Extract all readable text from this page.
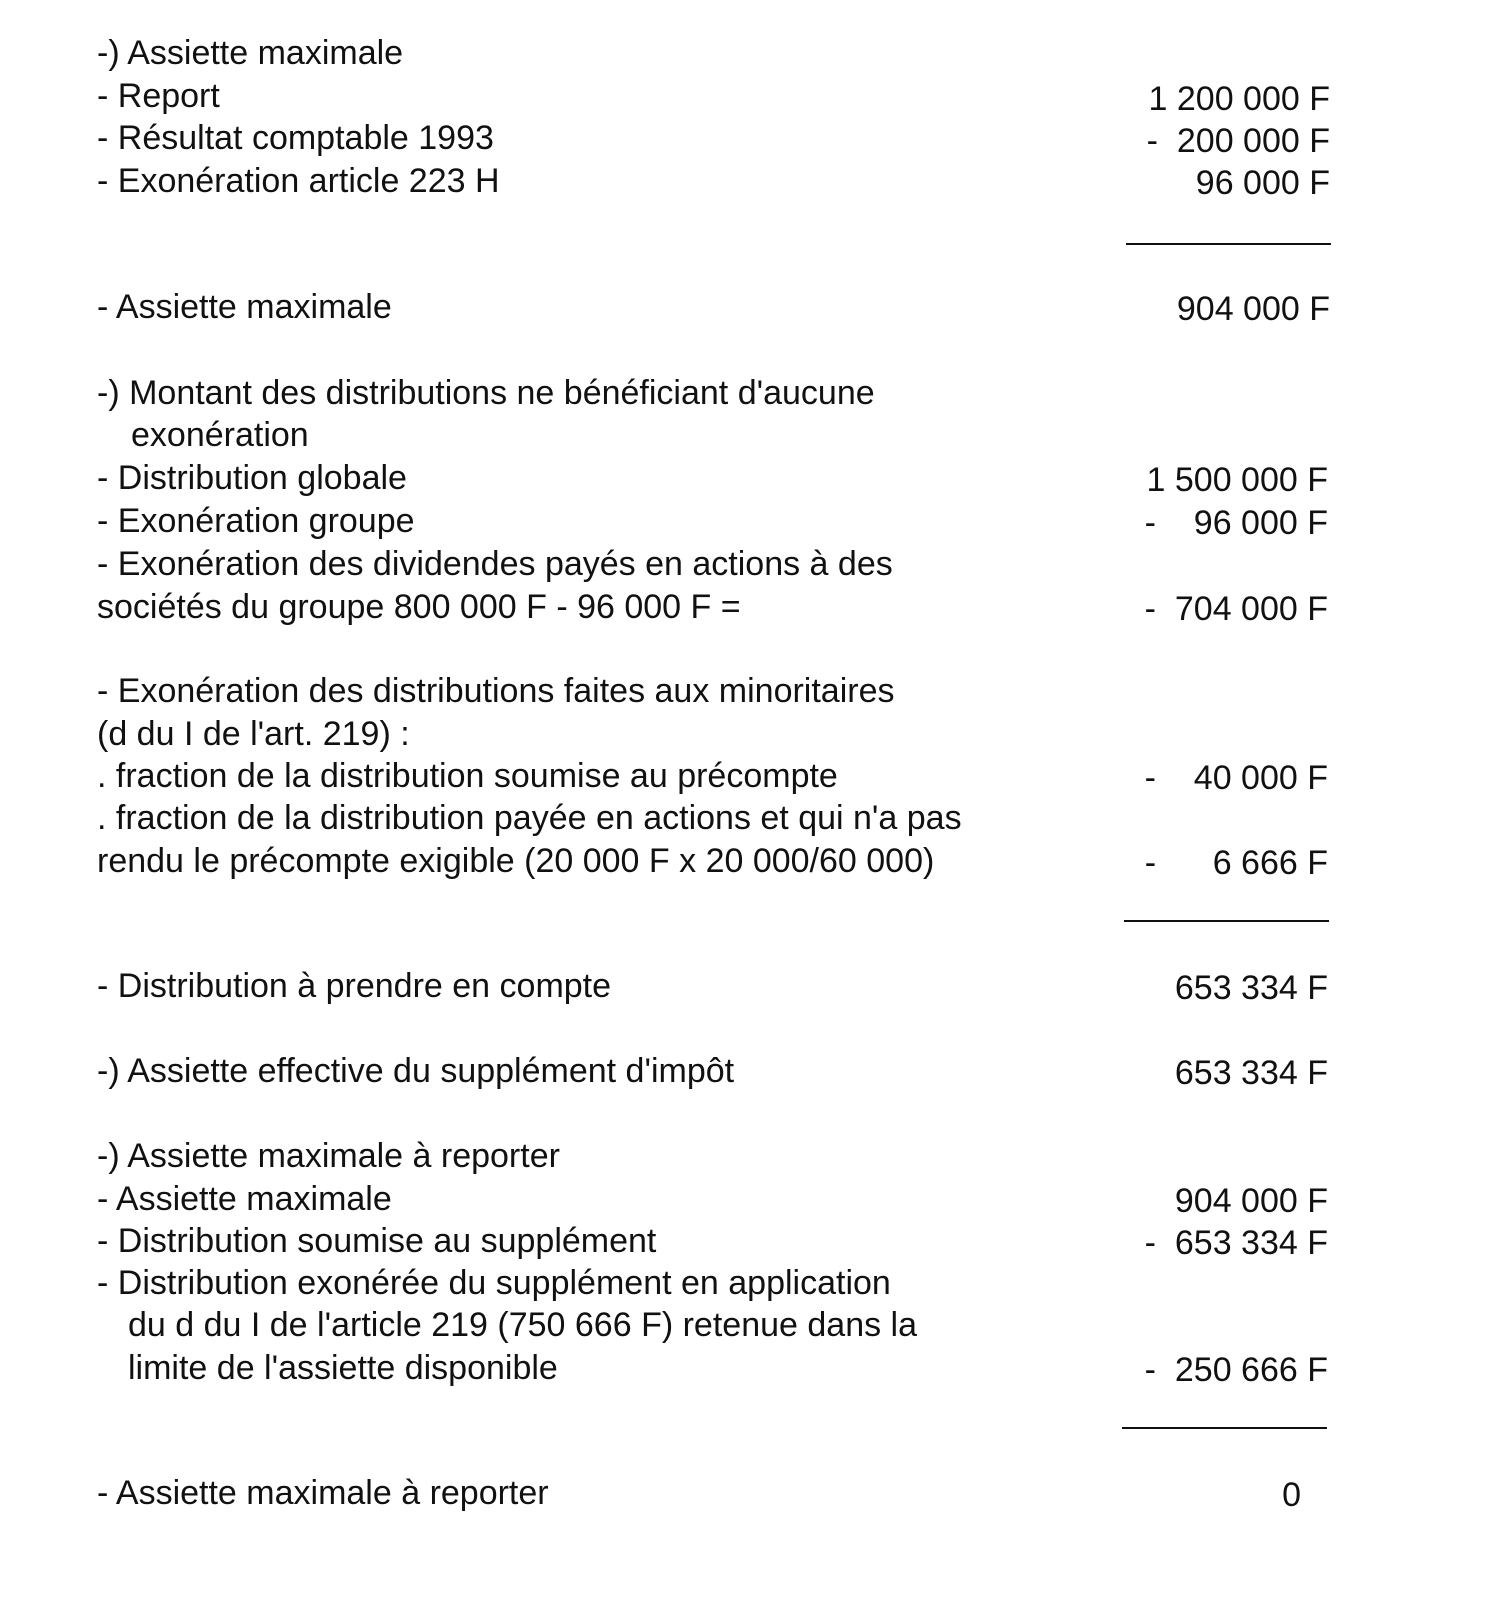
-) Assiette maximale
- Report	1 200 000 F
- Résultat comptable 1993	-  200 000 F
- Exonération article 223 H	96 000 F
- Assiette maximale	904 000 F
-) Montant des distributions ne bénéficiant d'aucune
exonération
- Distribution globale	1 500 000 F
- Exonération groupe	-    96 000 F
- Exonération des dividendes payés en actions à des
sociétés du groupe 800 000 F - 96 000 F =	-  704 000 F
- Exonération des distributions faites aux minoritaires
(d du I de l'art. 219) :
. fraction de la distribution soumise au précompte	-    40 000 F
. fraction de la distribution payée en actions et qui n'a pas
rendu le précompte exigible (20 000 F x 20 000/60 000)	-      6 666 F
- Distribution à prendre en compte	653 334 F
-) Assiette effective du supplément d'impôt	653 334 F
-) Assiette maximale à reporter
- Assiette maximale	904 000 F
- Distribution soumise au supplément	-  653 334 F
- Distribution exonérée du supplément en application
du d du I de l'article 219 (750 666 F) retenue dans la
limite de l'assiette disponible	-  250 666 F
- Assiette maximale à reporter	0
